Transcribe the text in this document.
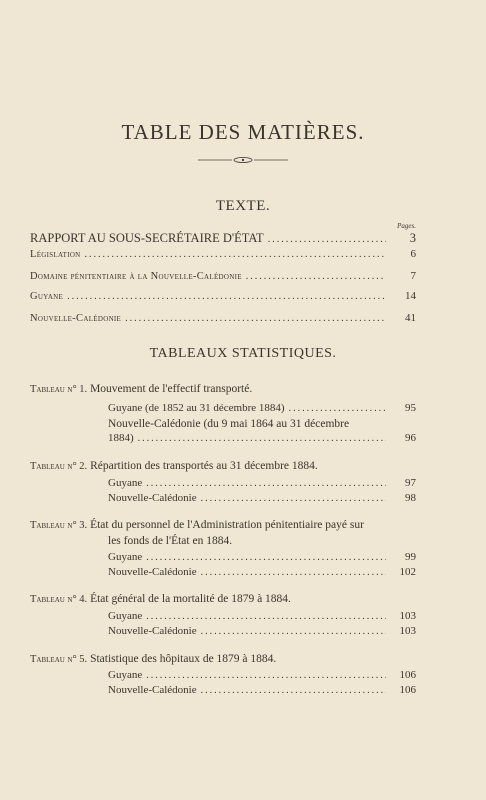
TABLE DES MATIÈRES.
TEXTE.
Pages.
RAPPORT AU SOUS-SECRÉTAIRE D'ÉTAT .....	3
Législation .....	6
Domaine pénitentiaire à la Nouvelle-Calédonie .....	7
Guyane .....	14
Nouvelle-Calédonie .....	41
TABLEAUX STATISTIQUES.
Tableau n° 1. Mouvement de l'effectif transporté.
Guyane (de 1852 au 31 décembre 1884) .....	95
Nouvelle-Calédonie (du 9 mai 1864 au 31 décembre
1884) .....	96
Tableau n° 2. Répartition des transportés au 31 décembre 1884.
Guyane .....	97
Nouvelle-Calédonie .....	98
Tableau n° 3. État du personnel de l'Administration pénitentiaire payé sur
les fonds de l'État en 1884.
Guyane .....	99
Nouvelle-Calédonie .....	102
Tableau n° 4. État général de la mortalité de 1879 à 1884.
Guyane .....	103
Nouvelle-Calédonie .....	103
Tableau n° 5. Statistique des hôpitaux de 1879 à 1884.
Guyane .....	106
Nouvelle-Calédonie .....	106
